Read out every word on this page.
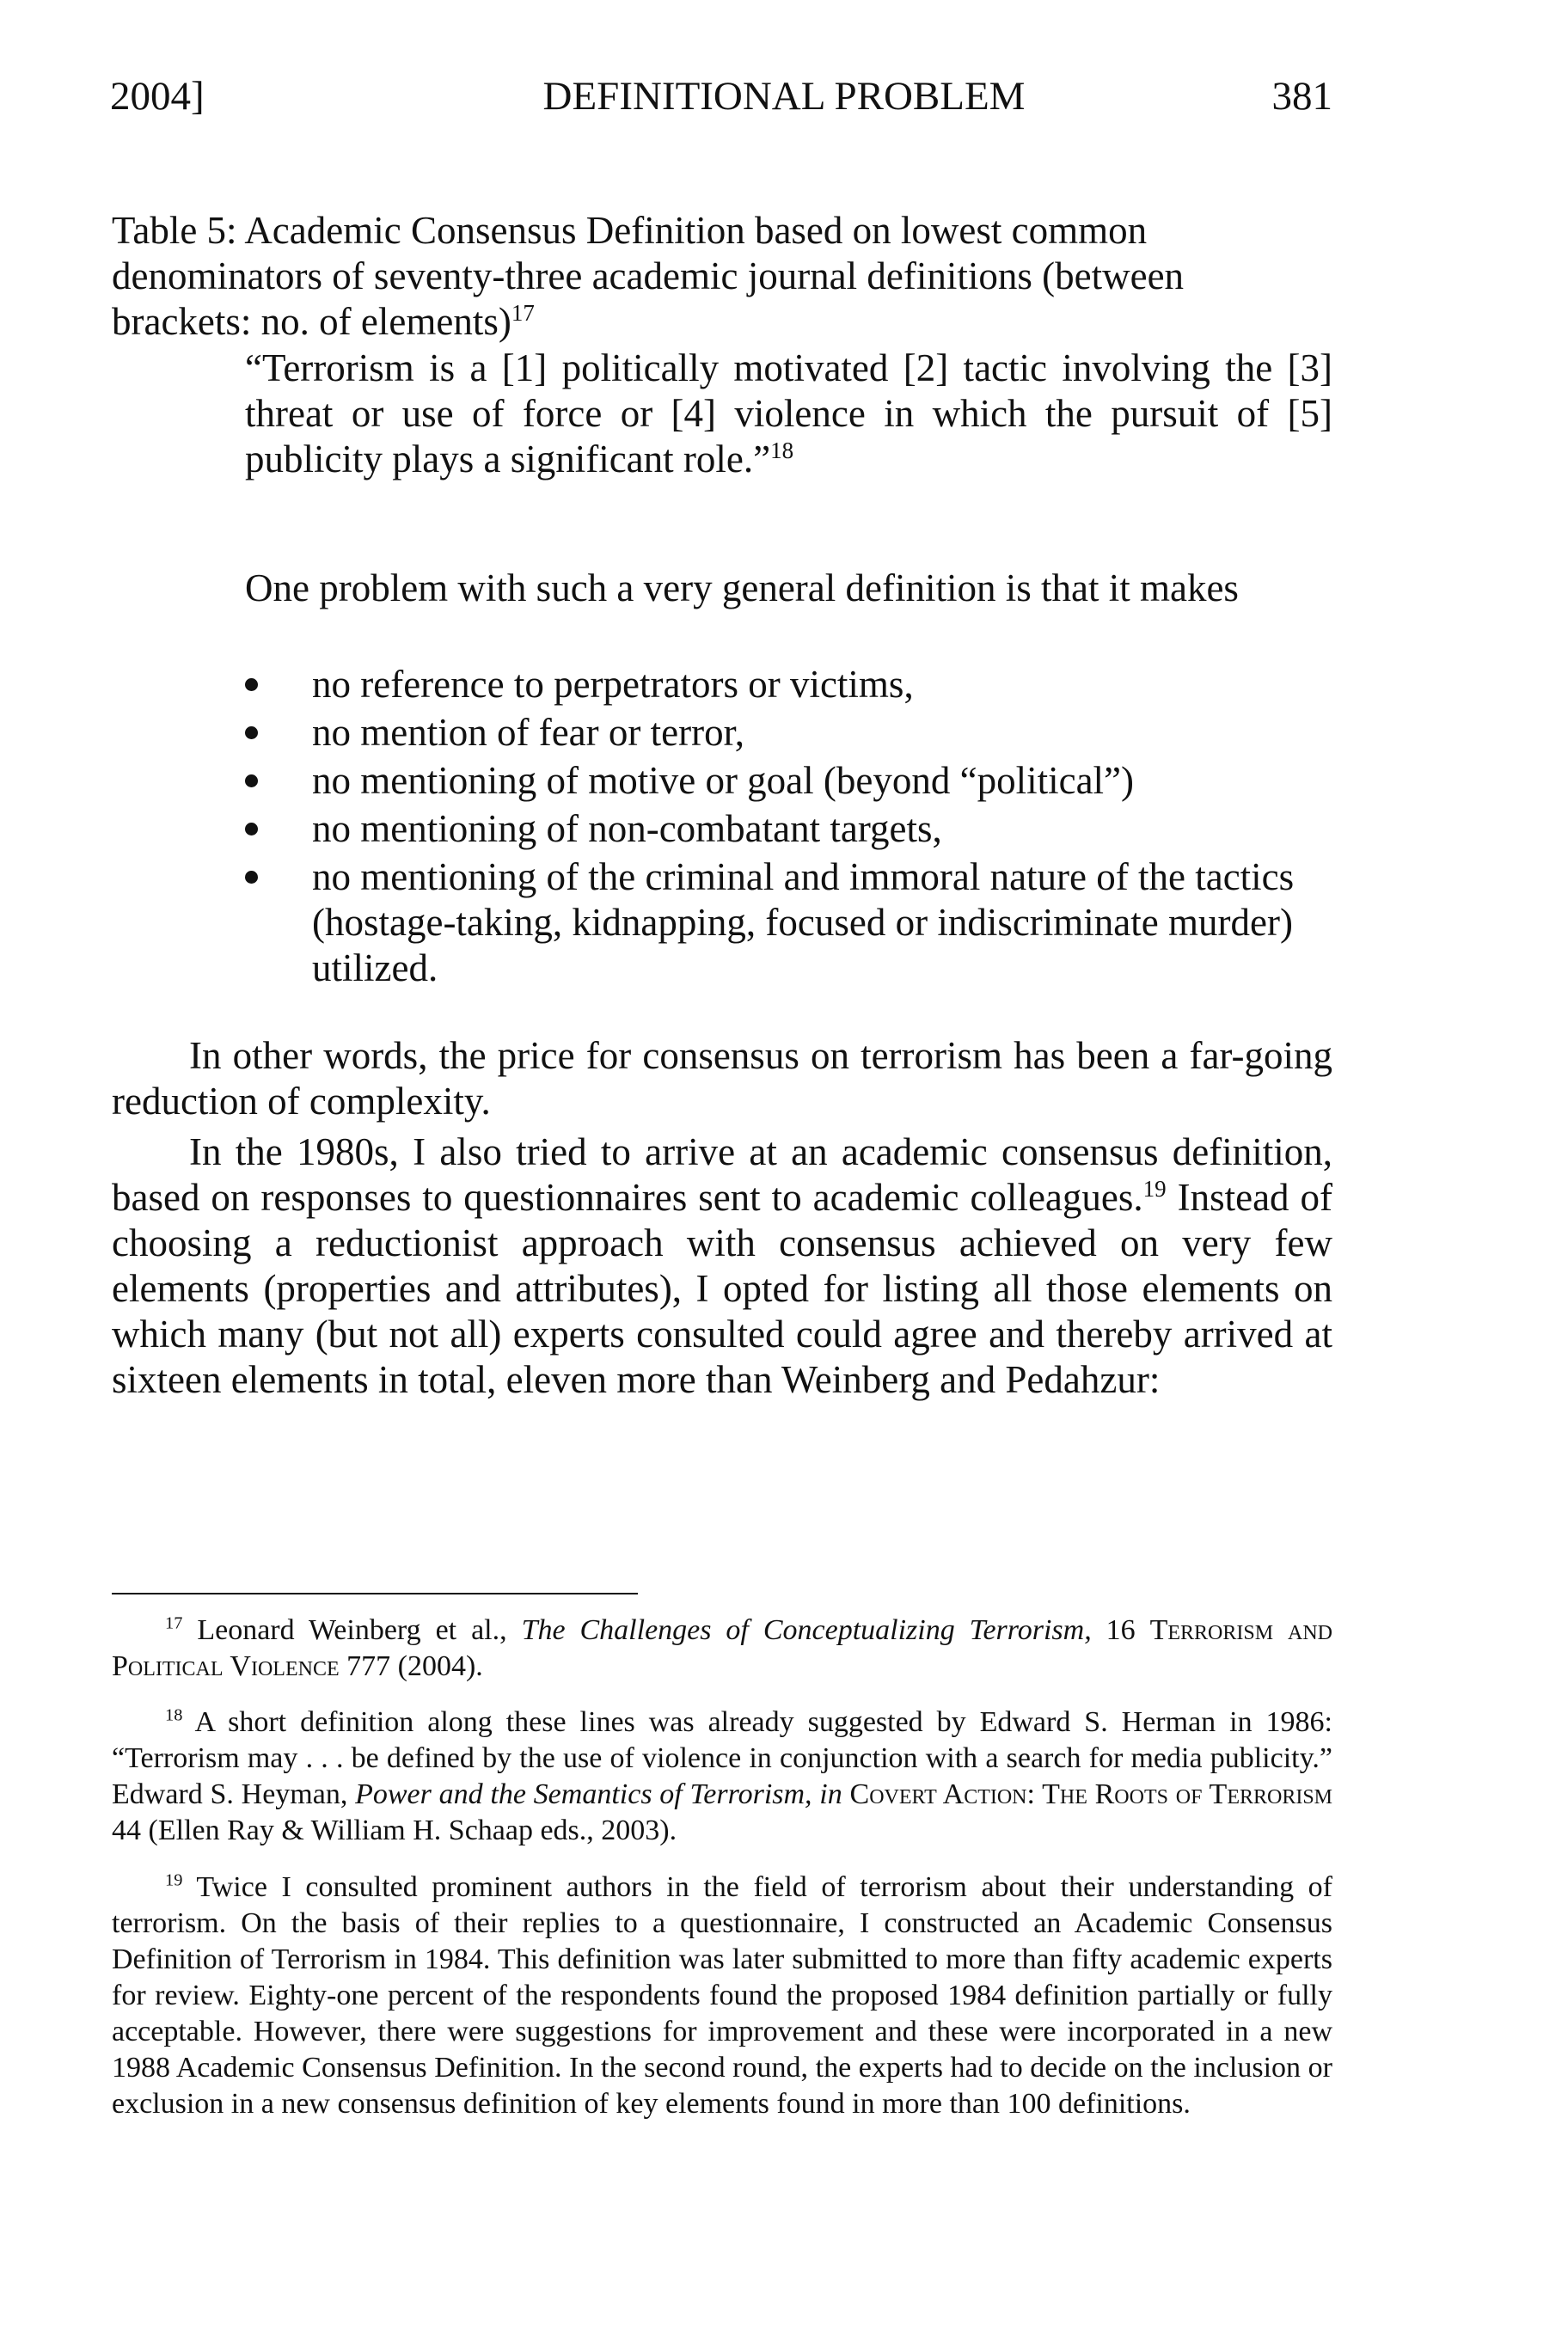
2004]	DEFINITIONAL PROBLEM	381
Table 5: Academic Consensus Definition based on lowest common denominators of seventy-three academic journal definitions (between brackets: no. of elements)$^{17}$
“Terrorism is a [1] politically motivated [2] tactic involving the [3] threat or use of force or [4] violence in which the pursuit of [5] publicity plays a significant role.”$^{18}$
One problem with such a very general definition is that it makes
no reference to perpetrators or victims,
no mention of fear or terror,
no mentioning of motive or goal (beyond “political”)
no mentioning of non-combatant targets,
no mentioning of the criminal and immoral nature of the tactics (hostage-taking, kidnapping, focused or indiscriminate murder) utilized.

In other words, the price for consensus on terrorism has been a far-going reduction of complexity.

In the 1980s, I also tried to arrive at an academic consensus definition, based on responses to questionnaires sent to academic colleagues.$^{19}$ Instead of choosing a reductionist approach with consensus achieved on very few elements (properties and attributes), I opted for listing all those elements on which many (but not all) experts consulted could agree and thereby arrived at sixteen elements in total, eleven more than Weinberg and Pedahzur:

$^{17}$ Leonard Weinberg et al., The Challenges of Conceptualizing Terrorism, 16 Terrorism and Political Violence 777 (2004).

$^{18}$ A short definition along these lines was already suggested by Edward S. Herman in 1986: “Terrorism may . . . be defined by the use of violence in conjunction with a search for media publicity.” Edward S. Heyman, Power and the Semantics of Terrorism, in Covert Action: The Roots of Terrorism 44 (Ellen Ray & William H. Schaap eds., 2003).

$^{19}$ Twice I consulted prominent authors in the field of terrorism about their understanding of terrorism. On the basis of their replies to a questionnaire, I constructed an Academic Consensus Definition of Terrorism in 1984. This definition was later submitted to more than fifty academic experts for review. Eighty-one percent of the respondents found the proposed 1984 definition partially or fully acceptable. However, there were suggestions for improvement and these were incorporated in a new 1988 Academic Consensus Definition. In the second round, the experts had to decide on the inclusion or exclusion in a new consensus definition of key elements found in more than 100 definitions.
